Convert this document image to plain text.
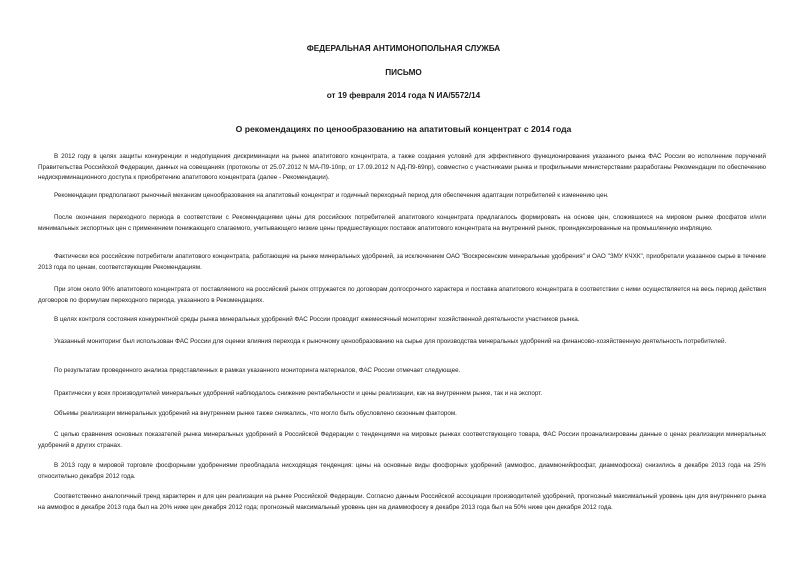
ФЕДЕРАЛЬНАЯ АНТИМОНОПОЛЬНАЯ СЛУЖБА
ПИСЬМО
от 19 февраля 2014 года N ИА/5572/14
О рекомендациях по ценообразованию на апатитовый концентрат с 2014 года

В 2012 году в целях защиты конкуренции и недопущения дискриминации на рынке апатитового концентрата, а также создания условий для эффективного функционирования указанного рынка ФАС России во исполнение поручений Правительства Российской Федерации, данных на совещаниях (протоколы от 25.07.2012 N МА-П9-10пр, от 17.09.2012 N АД-П9-69пр), совместно с участниками рынка и профильными министерствами разработаны Рекомендации по обеспечению недискриминационного доступа к приобретению апатитового концентрата (далее - Рекомендации).

Рекомендации предполагают рыночный механизм ценообразования на апатитовый концентрат и годичный переходный период для обеспечения адаптации потребителей к изменению цен.

После окончания переходного периода в соответствии с Рекомендациями цены для российских потребителей апатитового концентрата предлагалось формировать на основе цен, сложившихся на мировом рынке фосфатов и/или минимальных экспортных цен с применением понижающего слагаемого, учитывающего низкие цены предшествующих поставок апатитового концентрата на внутренний рынок, проиндексированные на промышленную инфляцию.

Фактически все российские потребители апатитового концентрата, работающие на рынке минеральных удобрений, за исключением ОАО "Воскресенские минеральные удобрения" и ОАО "ЗМУ КЧХК", приобретали указанное сырье в течение 2013 года по ценам, соответствующим Рекомендациям.

При этом около 90% апатитового концентрата от поставляемого на российский рынок отгружается по договорам долгосрочного характера и поставка апатитового концентрата в соответствии с ними осуществляется на весь период действия договоров по формулам переходного периода, указанного в Рекомендациях.

В целях контроля состояния конкурентной среды рынка минеральных удобрений ФАС России проводит ежемесячный мониторинг хозяйственной деятельности участников рынка.

Указанный мониторинг был использован ФАС России для оценки влияния перехода к рыночному ценообразованию на сырье для производства минеральных удобрений на финансово-хозяйственную деятельность потребителей.

По результатам проведенного анализа представленных в рамках указанного мониторинга материалов, ФАС России отмечает следующее.

Практически у всех производителей минеральных удобрений наблюдалось снижение рентабельности и цены реализации, как на внутреннем рынке, так и на экспорт.

Объемы реализации минеральных удобрений на внутреннем рынке также снижались, что могло быть обусловлено сезонным фактором.

С целью сравнения основных показателей рынка минеральных удобрений в Российской Федерации с тенденциями на мировых рынках соответствующего товара, ФАС России проанализированы данные о ценах реализации минеральных удобрений в других странах.

В 2013 году в мировой торговле фосфорными удобрениями преобладала нисходящая тенденция: цены на основные виды фосфорных удобрений (аммофос, диаммонийфосфат, диаммофоска) снизились в декабре 2013 года на 25% относительно декабря 2012 года.

Соответственно аналогичный тренд характерен и для цен реализации на рынке Российской Федерации. Согласно данным Российской ассоциации производителей удобрений, прогнозный максимальный уровень цен для внутреннего рынка на аммофос в декабре 2013 года был на 20% ниже цен декабря 2012 года; прогнозный максимальный уровень цен на диаммофоску в декабре 2013 года был на 50% ниже цен декабря 2012 года.
